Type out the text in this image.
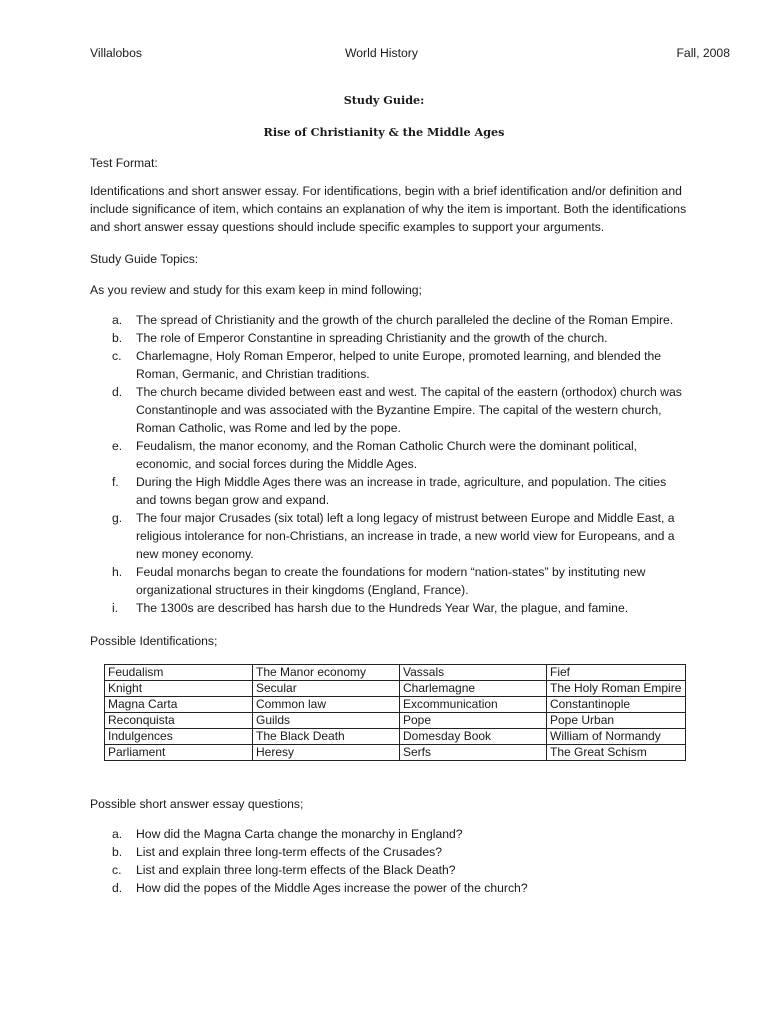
Villalobos	World History	Fall, 2008
Study Guide:
Rise of Christianity & the Middle Ages

Test Format:

Identifications and short answer essay. For identifications, begin with a brief identification and/or definition and include significance of item, which contains an explanation of why the item is important. Both the identifications and short answer essay questions should include specific examples to support your arguments.

Study Guide Topics:

As you review and study for this exam keep in mind following;

a. The spread of Christianity and the growth of the church paralleled the decline of the Roman Empire.
b. The role of Emperor Constantine in spreading Christianity and the growth of the church.
c. Charlemagne, Holy Roman Emperor, helped to unite Europe, promoted learning, and blended the Roman, Germanic, and Christian traditions.
d. The church became divided between east and west. The capital of the eastern (orthodox) church was Constantinople and was associated with the Byzantine Empire. The capital of the western church, Roman Catholic, was Rome and led by the pope.
e. Feudalism, the manor economy, and the Roman Catholic Church were the dominant political, economic, and social forces during the Middle Ages.
f. During the High Middle Ages there was an increase in trade, agriculture, and population. The cities and towns began grow and expand.
g. The four major Crusades (six total) left a long legacy of mistrust between Europe and Middle East, a religious intolerance for non-Christians, an increase in trade, a new world view for Europeans, and a new money economy.
h. Feudal monarchs began to create the foundations for modern “nation-states” by instituting new organizational structures in their kingdoms (England, France).
i. The 1300s are described has harsh due to the Hundreds Year War, the plague, and famine.

Possible Identifications;

Feudalism	The Manor economy	Vassals	Fief
Knight	Secular	Charlemagne	The Holy Roman Empire
Magna Carta	Common law	Excommunication	Constantinople
Reconquista	Guilds	Pope	Pope Urban
Indulgences	The Black Death	Domesday Book	William of Normandy
Parliament	Heresy	Serfs	The Great Schism

Possible short answer essay questions;

a. How did the Magna Carta change the monarchy in England?
b. List and explain three long-term effects of the Crusades?
c. List and explain three long-term effects of the Black Death?
d. How did the popes of the Middle Ages increase the power of the church?
